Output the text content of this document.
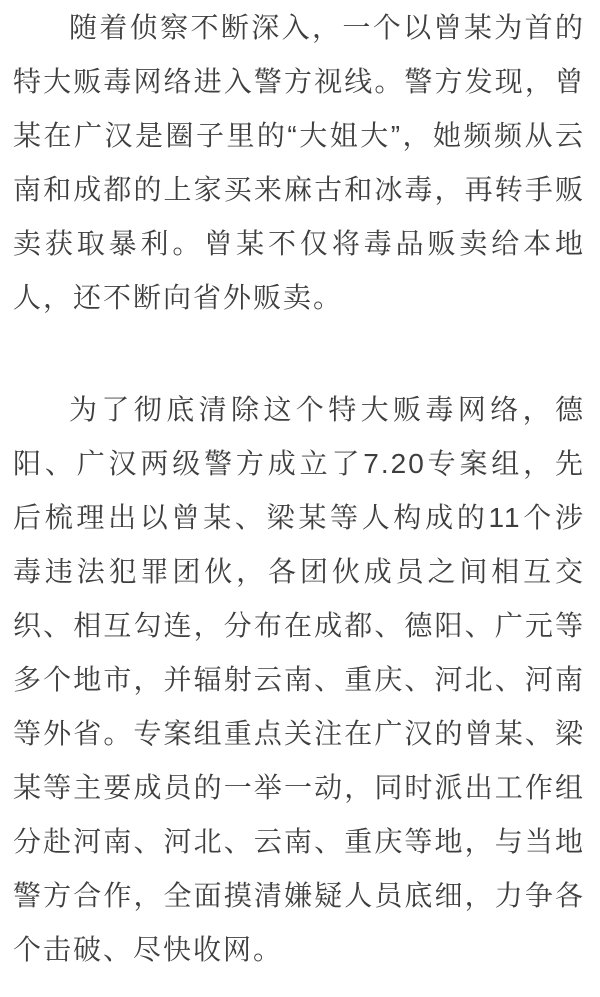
随着侦察不断深入，一个以曾某为首的特大贩毒网络进入警方视线。警方发现，曾某在广汉是圈子里的“大姐大”，她频频从云南和成都的上家买来麻古和冰毒，再转手贩卖获取暴利。曾某不仅将毒品贩卖给本地人，还不断向省外贩卖。

为了彻底清除这个特大贩毒网络，德阳、广汉两级警方成立了7.20专案组，先后梳理出以曾某、梁某等人构成的11个涉毒违法犯罪团伙，各团伙成员之间相互交织、相互勾连，分布在成都、德阳、广元等多个地市，并辐射云南、重庆、河北、河南等外省。专案组重点关注在广汉的曾某、梁某等主要成员的一举一动，同时派出工作组分赴河南、河北、云南、重庆等地，与当地警方合作，全面摸清嫌疑人员底细，力争各个击破、尽快收网。
